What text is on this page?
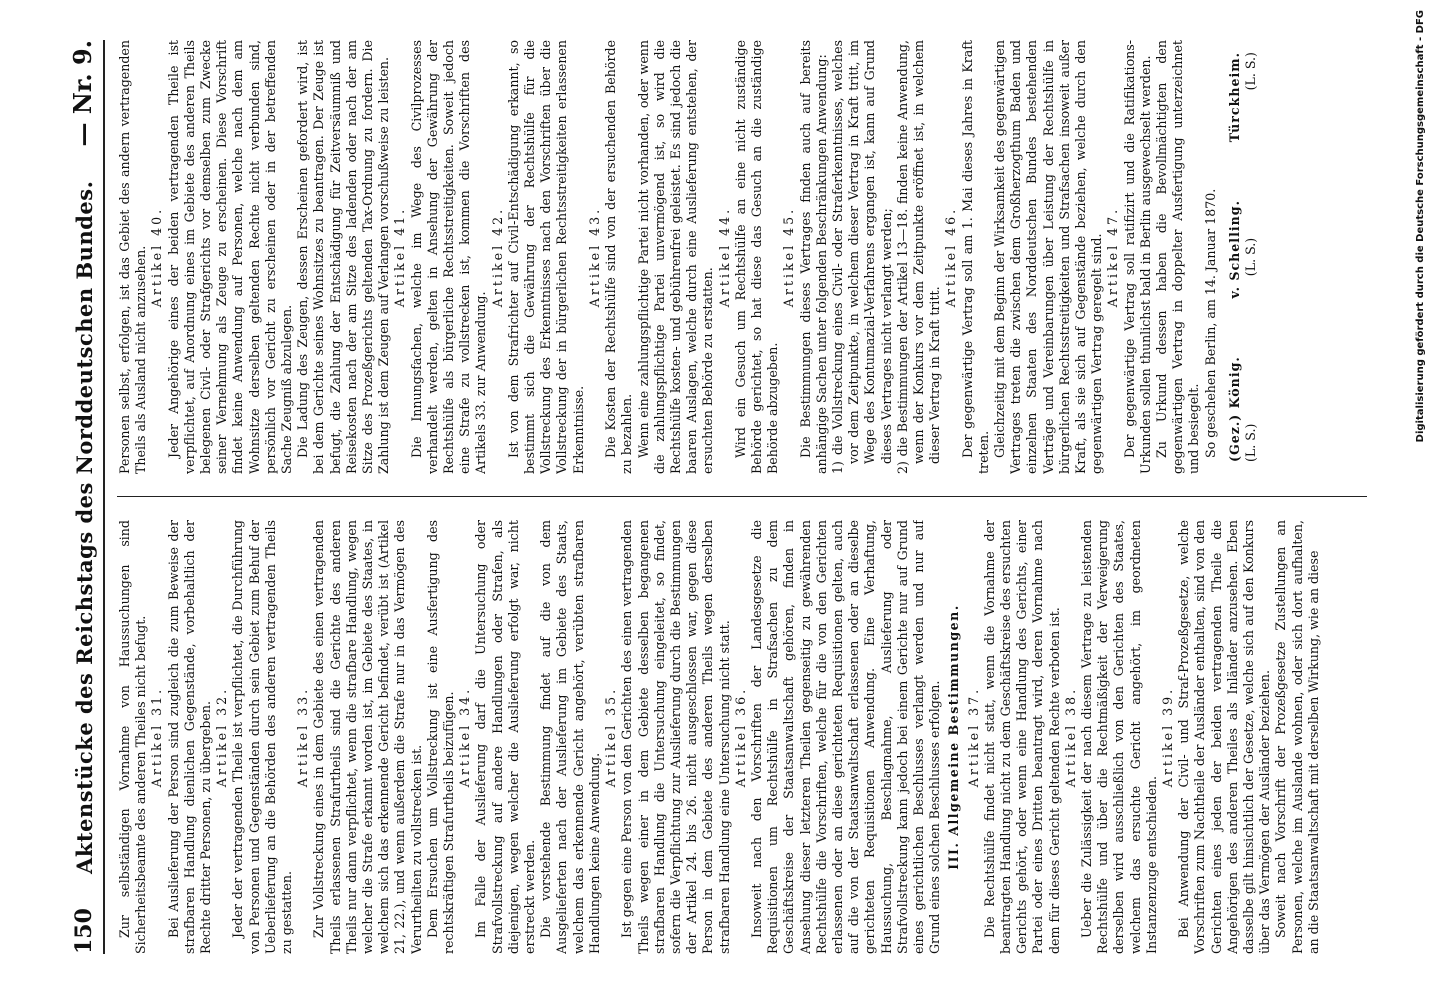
150
Aktenstücke des Reichstags des Norddeutschen Bundes.
— Nr. 9.

Zur selbständigen Vornahme von Haussuchungen sind Sicherheitsbeamte des anderen Theiles nicht befugt. Artikel 31. Bei Auslieferung der Person sind zugleich die zum Beweise der strafbaren Handlung dienlichen Gegenstände, vorbehaltlich der Rechte dritter Personen, zu übergeben. Artikel 32. Jeder der vertragenden Theile ist verpflichtet, die Durchführung von Personen und Gegenständen durch sein Gebiet zum Behuf der Ueberlieferung an die Behörden des anderen vertragenden Theils zu gestatten.

Artikel 33. Zur Vollstreckung eines in dem Gebiete des einen vertragenden Theils erlassenen Strafurtheils sind die Gerichte des anderen Theils nur dann verpflichtet, wenn die strafbare Handlung, wegen welcher die Strafe erkannt worden ist, im Gebiete des Staates, in welchem sich das erkennende Gericht befindet, verübt ist (Artikel 21, 22.), und wenn außerdem die Strafe nur in das Vermögen des Verurtheilten zu vollstrecken ist. Dem Ersuchen um Vollstreckung ist eine Ausfertigung des rechtskräftigen Strafurtheils beizufügen. Artikel 34. Im Falle der Auslieferung darf die Untersuchung oder Strafvollstreckung auf andere Handlungen oder Strafen, als diejenigen, wegen welcher die Auslieferung erfolgt war, nicht erstreckt werden. Die vorstehende Bestimmung findet auf die von dem Ausgelieferten nach der Auslieferung im Gebiete des Staats, welchem das erkennende Gericht angehört, verübten strafbaren Handlungen keine Anwendung.

Artikel 35. Ist gegen eine Person von den Gerichten des einen vertragenden Theils wegen einer in dem Gebiete desselben begangenen strafbaren Handlung die Untersuchung eingeleitet, so findet, sofern die Verpflichtung zur Auslieferung durch die Bestimmungen der Artikel 24. bis 26. nicht ausgeschlossen war, gegen diese Person in dem Gebiete des anderen Theils wegen derselben strafbaren Handlung eine Untersuchung nicht statt. Artikel 36. Insoweit nach den Vorschriften der Landesgesetze die Requisitionen um Rechtshülfe in Strafsachen zu dem Geschäftskreise der Staatsanwaltschaft gehören, finden in Ansehung dieser letzteren Theilen gegenseitig zu gewährenden Rechtshülfe die Vorschriften, welche für die von den Gerichten erlassenen oder an diese gerichteten Requisitionen gelten, auch auf die von der Staatsanwaltschaft erlassenen oder an dieselbe gerichteten Requisitionen Anwendung. Eine Verhaftung, Haussuchung, Beschlagnahme, Auslieferung oder Strafvollstreckung kann jedoch bei einem Gerichte nur auf Grund eines gerichtlichen Beschlusses verlangt werden und nur auf Grund eines solchen Beschlusses erfolgen. III. Allgemeine Bestimmungen. Artikel 37. Die Rechtshülfe findet nicht statt, wenn die Vornahme der beantragten Handlung nicht zu dem Geschäftskreise des ersuchten Gerichts gehört, oder wenn eine Handlung des Gerichts, einer Partei oder eines Dritten beantragt wird, deren Vornahme nach dem für dieses Gericht geltenden Rechte verboten ist. Artikel 38. Ueber die Zulässigkeit der nach diesem Vertrage zu leistenden Rechtshülfe und über die Rechtmäßigkeit der Verweigerung derselben wird ausschließlich von den Gerichten des Staates, welchem das ersuchte Gericht angehört, im geordneten Instanzenzuge entschieden.

Artikel 39. Bei Anwendung der Civil- und Straf-Prozeßgesetze, welche Vorschriften zum Nachtheile der Ausländer enthalten, sind von den Gerichten eines jeden der beiden vertragenden Theile die Angehörigen des anderen Theiles als Inländer anzusehen. Eben dasselbe gilt hinsichtlich der Gesetze, welche sich auf den Konkurs über das Vermögen der Ausländer beziehen. Soweit nach Vorschrift der Prozeßgesetze Zustellungen an Personen, welche im Auslande wohnen, oder sich dort aufhalten, an die Staatsanwaltschaft mit derselben Wirkung, wie an diese

Personen selbst, erfolgen, ist das Gebiet des andern vertragenden Theils als Ausland nicht anzusehen. Artikel 40. Jeder Angehörige eines der beiden vertragenden Theile ist verpflichtet, auf Anordnung eines im Gebiete des anderen Theils belegenen Civil- oder Strafgerichts vor demselben zum Zwecke seiner Vernehmung als Zeuge zu erscheinen. Diese Vorschrift findet keine Anwendung auf Personen, welche nach dem am Wohnsitze derselben geltenden Rechte nicht verbunden sind, persönlich vor Gericht zu erscheinen oder in der betreffenden Sache Zeugniß abzulegen. Die Ladung des Zeugen, dessen Erscheinen gefordert wird, ist bei dem Gerichte seines Wohnsitzes zu beantragen. Der Zeuge ist befugt, die Zahlung der Entschädigung für Zeitversäumniß und Reisekosten nach der am Sitze des ladenden oder nach der am Sitze des Prozeßgerichts geltenden Tax-Ordnung zu fordern. Die Zahlung ist dem Zeugen auf Verlangen vorschußweise zu leisten. Artikel 41. Die Innungsfachen, welche im Wege des Civilprozesses verhandelt werden, gelten in Ansehung der Gewährung der Rechtshülfe als bürgerliche Rechtsstreitigkeiten. Soweit jedoch eine Strafe zu vollstrecken ist, kommen die Vorschriften des Artikels 33. zur Anwendung.

Artikel 42. Ist von dem Strafrichter auf Civil-Entschädigung erkannt, so bestimmt sich die Gewährung der Rechtshülfe für die Vollstreckung des Erkenntnisses nach den Vorschriften über die Vollstreckung der in bürgerlichen Rechtsstreitigkeiten erlassenen Erkenntnisse.

Artikel 43. Die Kosten der Rechtshülfe sind von der ersuchenden Behörde zu bezahlen. Wenn eine zahlungspflichtige Partei nicht vorhanden, oder wenn die zahlungspflichtige Partei unvermögend ist, so wird die Rechtshülfe kosten- und gebührenfrei geleistet. Es sind jedoch die baaren Auslagen, welche durch eine Auslieferung entstehen, der ersuchten Behörde zu erstatten.

Artikel 44. Wird ein Gesuch um Rechtshülfe an eine nicht zuständige Behörde gerichtet, so hat diese das Gesuch an die zuständige Behörde abzugeben.

Artikel 45. Die Bestimmungen dieses Vertrages finden auch auf bereits anhängige Sachen unter folgenden Beschränkungen Anwendung: 1) die Vollstreckung eines Civil- oder Straferkenntnisses, welches vor dem Zeitpunkte, in welchem dieser Vertrag in Kraft tritt, im Wege des Kontumazial-Verfahrens ergangen ist, kann auf Grund dieses Vertrages nicht verlangt werden; 2) die Bestimmungen der Artikel 13—18. finden keine Anwendung, wenn der Konkurs vor dem Zeitpunkte eröffnet ist, in welchem dieser Vertrag in Kraft tritt.

Artikel 46. Der gegenwärtige Vertrag soll am 1. Mai dieses Jahres in Kraft treten. Gleichzeitig mit dem Beginn der Wirksamkeit des gegenwärtigen Vertrages treten die zwischen dem Großherzogthum Baden und einzelnen Staaten des Norddeutschen Bundes bestehenden Verträge und Vereinbarungen über Leistung der Rechtshülfe in bürgerlichen Rechtsstreitigkeiten und Strafsachen insoweit außer Kraft, als sie sich auf Gegenstände beziehen, welche durch den gegenwärtigen Vertrag geregelt sind. Artikel 47. Der gegenwärtige Vertrag soll ratifizirt und die Ratifikations-Urkunden sollen thunlichst bald in Berlin ausgewechselt werden. Zu Urkund dessen haben die Bevollmächtigten den gegenwärtigen Vertrag in doppelter Ausfertigung unterzeichnet und besiegelt. So geschehen Berlin, am 14. Januar 1870. (Gez.) König.
v. Schelling.
Türckheim.
(L. S.)
(L. S.)
(L. S.)	Digitalisierung gefördert durch die Deutsche Forschungsgemeinschaft - DFG
